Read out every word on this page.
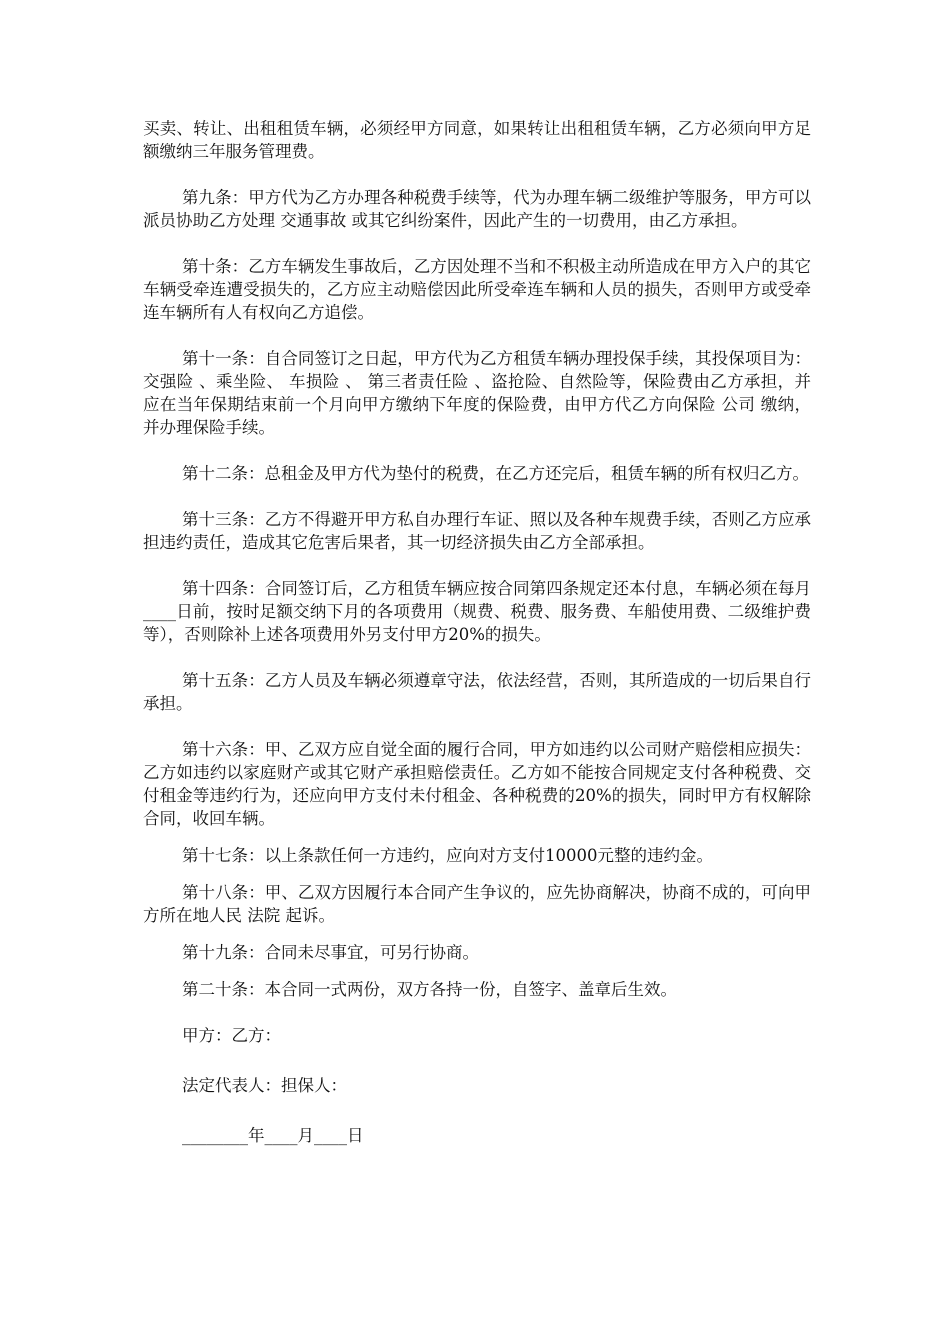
买卖、转让、出租租赁车辆，必须经甲方同意，如果转让出租租赁车辆，乙方必须向甲方足额缴纳三年服务管理费。

第九条：甲方代为乙方办理各种税费手续等，代为办理车辆二级维护等服务，甲方可以派员协助乙方处理 交通事故 或其它纠纷案件，因此产生的一切费用，由乙方承担。

第十条：乙方车辆发生事故后，乙方因处理不当和不积极主动所造成在甲方入户的其它车辆受牵连遭受损失的，乙方应主动赔偿因此所受牵连车辆和人员的损失，否则甲方或受牵连车辆所有人有权向乙方追偿。

第十一条：自合同签订之日起，甲方代为乙方租赁车辆办理投保手续，其投保项目为： 交强险 、乘坐险、 车损险 、 第三者责任险 、盗抢险、自然险等，保险费由乙方承担，并应在当年保期结束前一个月向甲方缴纳下年度的保险费，由甲方代乙方向保险 公司 缴纳，并办理保险手续。

第十二条：总租金及甲方代为垫付的税费，在乙方还完后，租赁车辆的所有权归乙方。

第十三条：乙方不得避开甲方私自办理行车证、照以及各种车规费手续，否则乙方应承担违约责任，造成其它危害后果者，其一切经济损失由乙方全部承担。

第十四条：合同签订后，乙方租赁车辆应按合同第四条规定还本付息，车辆必须在每月____日前，按时足额交纳下月的各项费用（规费、税费、服务费、车船使用费、二级维护费等），否则除补上述各项费用外另支付甲方20%的损失。

第十五条：乙方人员及车辆必须遵章守法，依法经营，否则，其所造成的一切后果自行承担。

第十六条：甲、乙双方应自觉全面的履行合同，甲方如违约以公司财产赔偿相应损失：乙方如违约以家庭财产或其它财产承担赔偿责任。乙方如不能按合同规定支付各种税费、交付租金等违约行为，还应向甲方支付未付租金、各种税费的20%的损失，同时甲方有权解除合同，收回车辆。

第十七条：以上条款任何一方违约，应向对方支付10000元整的违约金。

第十八条：甲、乙双方因履行本合同产生争议的，应先协商解决，协商不成的，可向甲方所在地人民 法院 起诉。

第十九条：合同未尽事宜，可另行协商。

第二十条：本合同一式两份，双方各持一份，自签字、盖章后生效。

甲方：乙方：
法定代表人：担保人：
________年____月____日
